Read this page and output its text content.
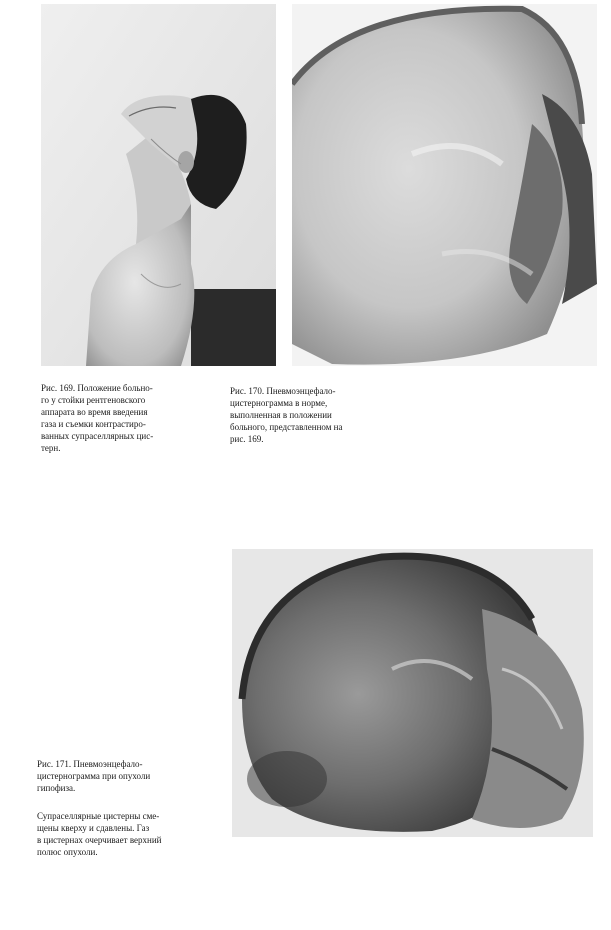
Рис. 169. Положение больно-
го у стойки рентгеновского
аппарата во время введения
газа и съемки контрастиро-
ванных супраселлярных цис-
терн.
Рис. 170. Пневмоэнцефало-
цистернограмма в норме,
выполненная в положении
больного, представленном на
рис. 169.

Рис. 171. Пневмоэнцефало-
цистернограмма при опухоли
гипофиза.

Супраселлярные цистерны сме-
щены кверху и сдавлены. Газ
в цистернах очерчивает верхний
полюс опухоли.
